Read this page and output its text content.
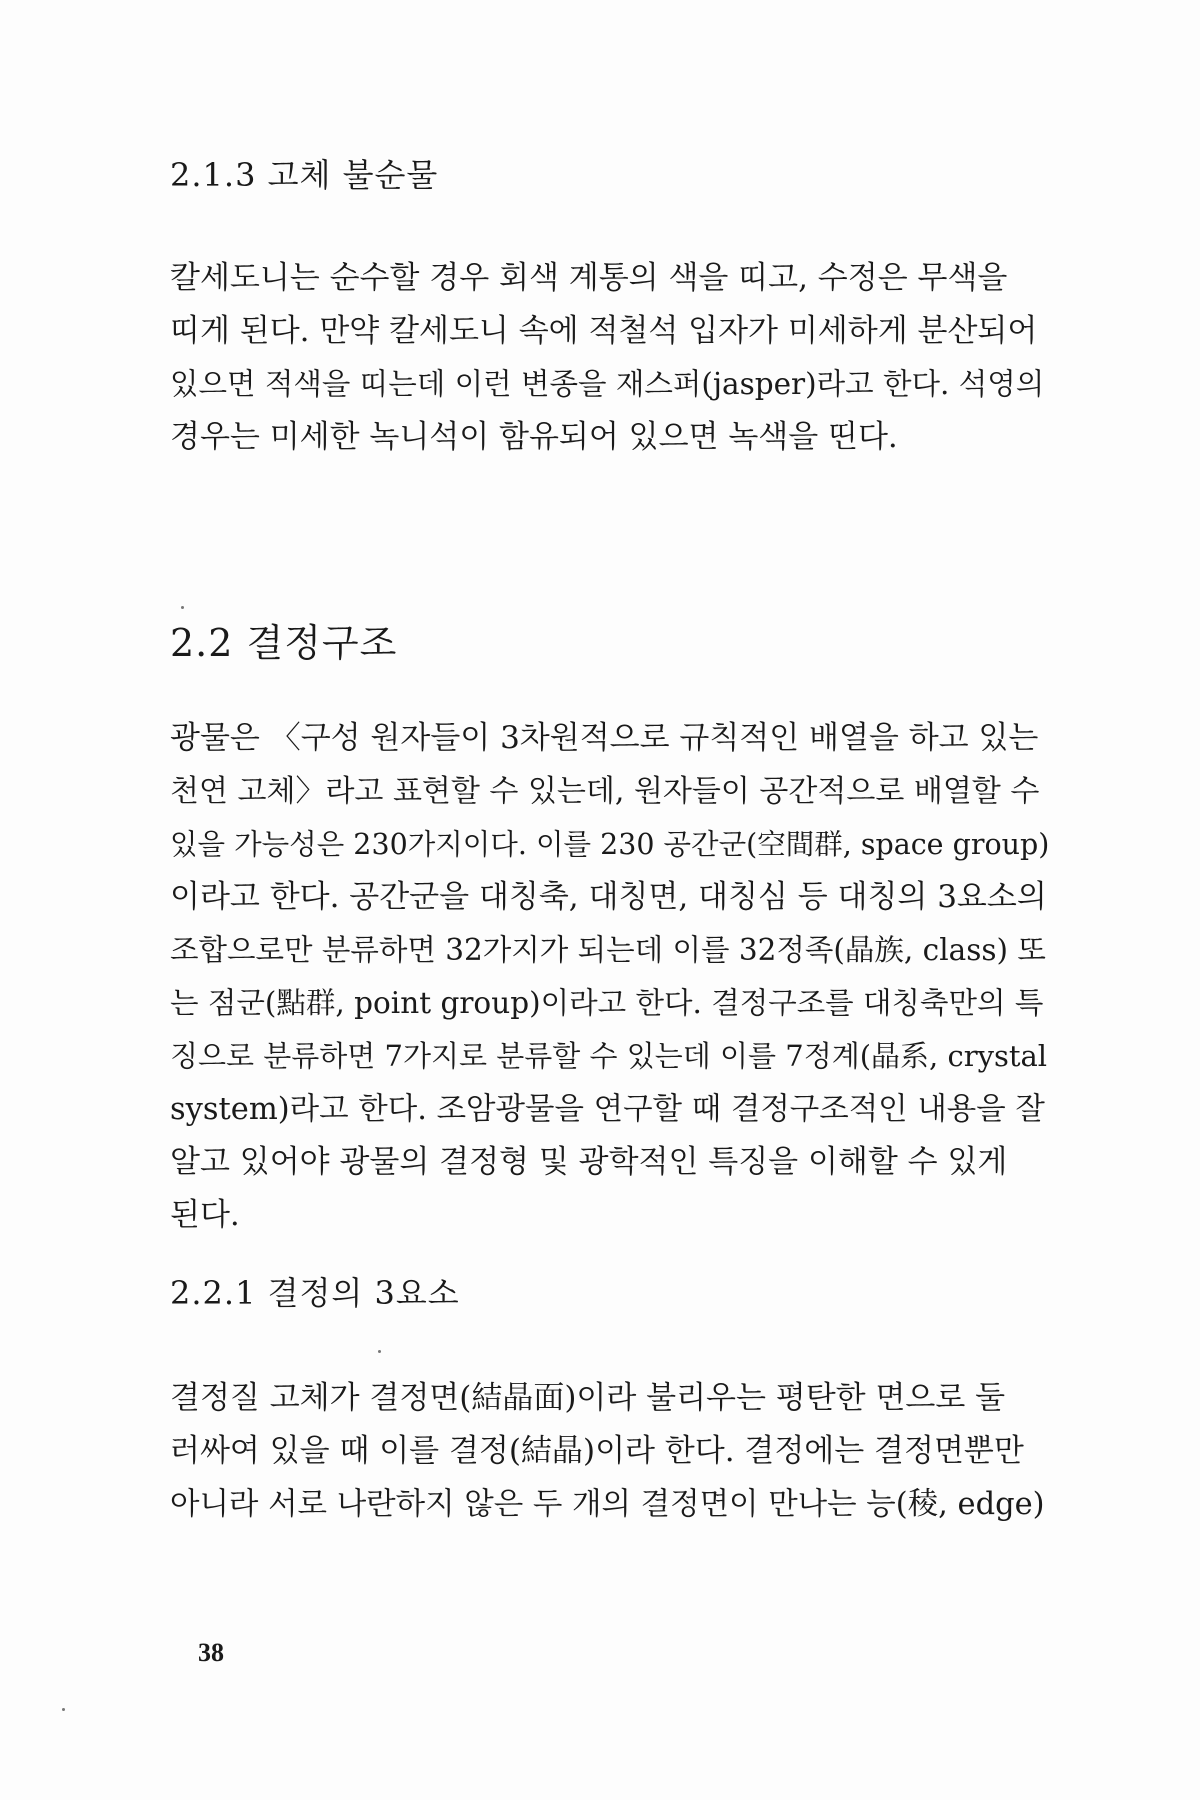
2.1.3 고체 불순물

칼세도니는 순수할 경우 회색 계통의 색을 띠고, 수정은 무색을
띠게 된다. 만약 칼세도니 속에 적철석 입자가 미세하게 분산되어
있으면 적색을 띠는데 이런 변종을 재스퍼(jasper)라고 한다. 석영의
경우는 미세한 녹니석이 함유되어 있으면 녹색을 띤다.

2.2 결정구조

광물은 〈구성 원자들이 3차원적으로 규칙적인 배열을 하고 있는
천연 고체〉라고 표현할 수 있는데, 원자들이 공간적으로 배열할 수
있을 가능성은 230가지이다. 이를 230 공간군(空間群, space group)
이라고 한다. 공간군을 대칭축, 대칭면, 대칭심 등 대칭의 3요소의
조합으로만 분류하면 32가지가 되는데 이를 32정족(晶族, class) 또
는 점군(點群, point group)이라고 한다. 결정구조를 대칭축만의 특
징으로 분류하면 7가지로 분류할 수 있는데 이를 7정계(晶系, crystal
system)라고 한다. 조암광물을 연구할 때 결정구조적인 내용을 잘
알고 있어야 광물의 결정형 및 광학적인 특징을 이해할 수 있게
된다.

2.2.1 결정의 3요소

결정질 고체가 결정면(結晶面)이라 불리우는 평탄한 면으로 둘
러싸여 있을 때 이를 결정(結晶)이라 한다. 결정에는 결정면뿐만
아니라 서로 나란하지 않은 두 개의 결정면이 만나는 능(稜, edge)

38
